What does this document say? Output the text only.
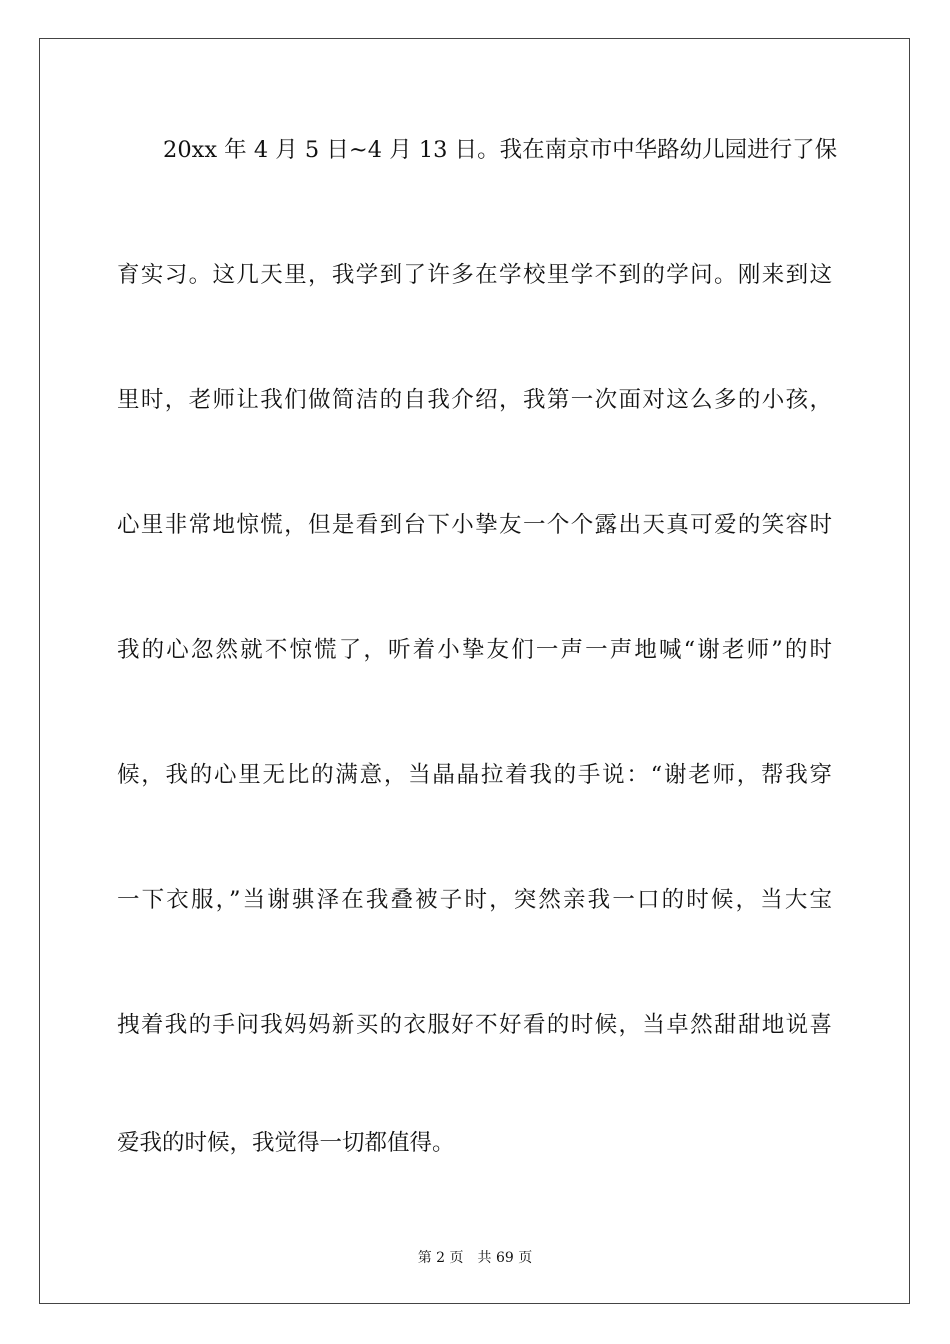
20xx 年 4 月 5 日~4 月 13 日。我在南京市中华路幼儿园进行了保
育实习。这几天里，我学到了许多在学校里学不到的学问。刚来到这
里时，老师让我们做简洁的自我介绍，我第一次面对这么多的小孩，
心里非常地惊慌，但是看到台下小挚友一个个露出天真可爱的笑容时
我的心忽然就不惊慌了，听着小挚友们一声一声地喊“谢老师”的时
候，我的心里无比的满意，当晶晶拉着我的手说：“谢老师，帮我穿
一下衣服，”当谢骐泽在我叠被子时，突然亲我一口的时候，当大宝
拽着我的手问我妈妈新买的衣服好不好看的时候，当卓然甜甜地说喜
爱我的时候，我觉得一切都值得。
第 2 页 共 69 页
